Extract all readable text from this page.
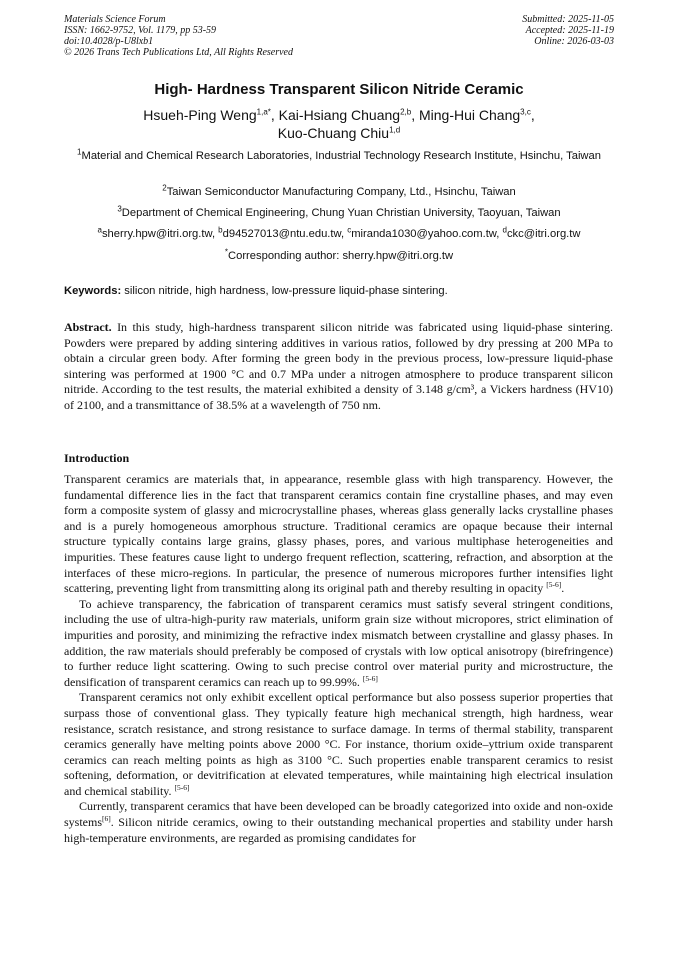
Materials Science Forum
ISSN: 1662-9752, Vol. 1179, pp 53-59
doi:10.4028/p-U8lxb1
© 2026 Trans Tech Publications Ltd, All Rights Reserved
Submitted: 2025-11-05
Accepted: 2025-11-19
Online: 2026-03-03
High- Hardness Transparent Silicon Nitride Ceramic
Hsueh-Ping Weng$^{1,a*}$, Kai-Hsiang Chuang$^{2,b}$, Ming-Hui Chang$^{3,c}$,
Kuo-Chuang Chiu$^{1,d}$
$^1$Material and Chemical Research Laboratories, Industrial Technology Research Institute, Hsinchu, Taiwan
$^2$Taiwan Semiconductor Manufacturing Company, Ltd., Hsinchu, Taiwan
$^3$Department of Chemical Engineering, Chung Yuan Christian University, Taoyuan, Taiwan
$^a$sherry.hpw@itri.org.tw, $^b$d94527013@ntu.edu.tw, $^c$miranda1030@yahoo.com.tw, $^d$ckc@itri.org.tw
*Corresponding author: sherry.hpw@itri.org.tw
Keywords: silicon nitride, high hardness, low-pressure liquid-phase sintering.

Abstract. In this study, high-hardness transparent silicon nitride was fabricated using liquid-phase sintering. Powders were prepared by adding sintering additives in various ratios, followed by dry pressing at 200 MPa to obtain a circular green body. After forming the green body in the previous process, low-pressure liquid-phase sintering was performed at 1900 °C and 0.7 MPa under a nitrogen atmosphere to produce transparent silicon nitride. According to the test results, the material exhibited a density of 3.148 g/cm³, a Vickers hardness (HV10) of 2100, and a transmittance of 38.5% at a wavelength of 750 nm.

Introduction

Transparent ceramics are materials that, in appearance, resemble glass with high transparency. However, the fundamental difference lies in the fact that transparent ceramics contain fine crystalline phases, and may even form a composite system of glassy and microcrystalline phases, whereas glass generally lacks crystalline phases and is a purely homogeneous amorphous structure. Traditional ceramics are opaque because their internal structure typically contains large grains, glassy phases, pores, and various multiphase heterogeneities and impurities. These features cause light to undergo frequent reflection, scattering, refraction, and absorption at the interfaces of these micro-regions. In particular, the presence of numerous micropores further intensifies light scattering, preventing light from transmitting along its original path and thereby resulting in opacity [5-6].

To achieve transparency, the fabrication of transparent ceramics must satisfy several stringent conditions, including the use of ultra-high-purity raw materials, uniform grain size without micropores, strict elimination of impurities and porosity, and minimizing the refractive index mismatch between crystalline and glassy phases. In addition, the raw materials should preferably be composed of crystals with low optical anisotropy (birefringence) to further reduce light scattering. Owing to such precise control over material purity and microstructure, the densification of transparent ceramics can reach up to 99.99%. [5-6]

Transparent ceramics not only exhibit excellent optical performance but also possess superior properties that surpass those of conventional glass. They typically feature high mechanical strength, high hardness, wear resistance, scratch resistance, and strong resistance to surface damage. In terms of thermal stability, transparent ceramics generally have melting points above 2000 °C. For instance, thorium oxide–yttrium oxide transparent ceramics can reach melting points as high as 3100 °C. Such properties enable transparent ceramics to resist softening, deformation, or devitrification at elevated temperatures, while maintaining high electrical insulation and chemical stability. [5-6]

Currently, transparent ceramics that have been developed can be broadly categorized into oxide and non-oxide systems[6]. Silicon nitride ceramics, owing to their outstanding mechanical properties and stability under harsh high-temperature environments, are regarded as promising candidates for
